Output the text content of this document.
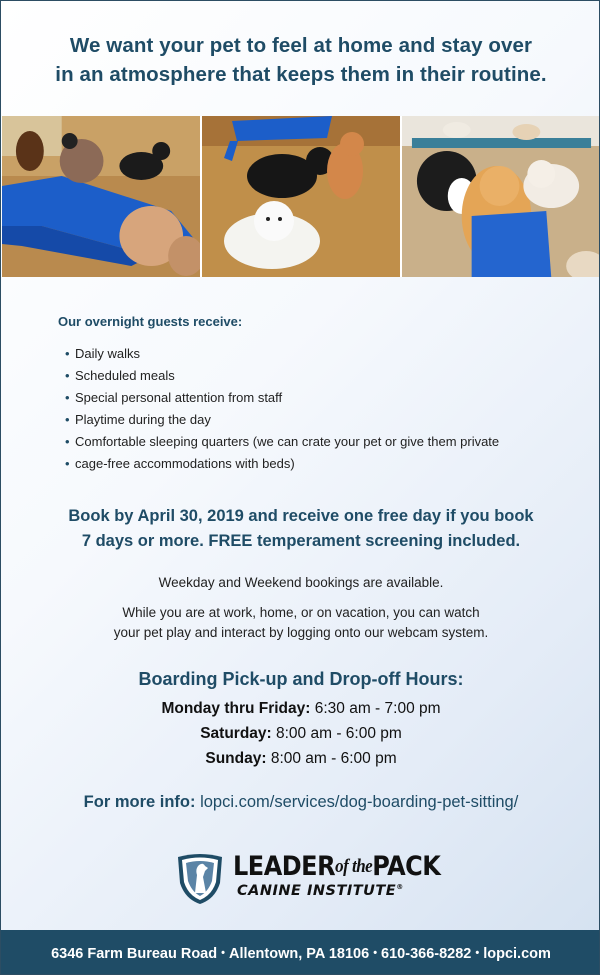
We want your pet to feel at home and stay over
in an atmosphere that keeps them in their routine.
Our overnight guests receive:
• Daily walks
• Scheduled meals
• Special personal attention from staff
• Playtime during the day
• Comfortable sleeping quarters (we can crate your pet or give them private
• cage-free accommodations with beds)
Book by April 30, 2019 and receive one free day if you book
7 days or more. FREE temperament screening included.
Weekday and Weekend bookings are available.
While you are at work, home, or on vacation, you can watch
your pet play and interact by logging onto our webcam system.
Boarding Pick-up and Drop-off Hours:
Monday thru Friday: 6:30 am - 7:00 pm
Saturday: 8:00 am - 6:00 pm
Sunday: 8:00 am - 6:00 pm
For more info: lopci.com/services/dog-boarding-pet-sitting/
LEADERof thePACK
CANINE INSTITUTE®
6346 Farm Bureau Road • Allentown, PA 18106 • 610-366-8282 • lopci.com
